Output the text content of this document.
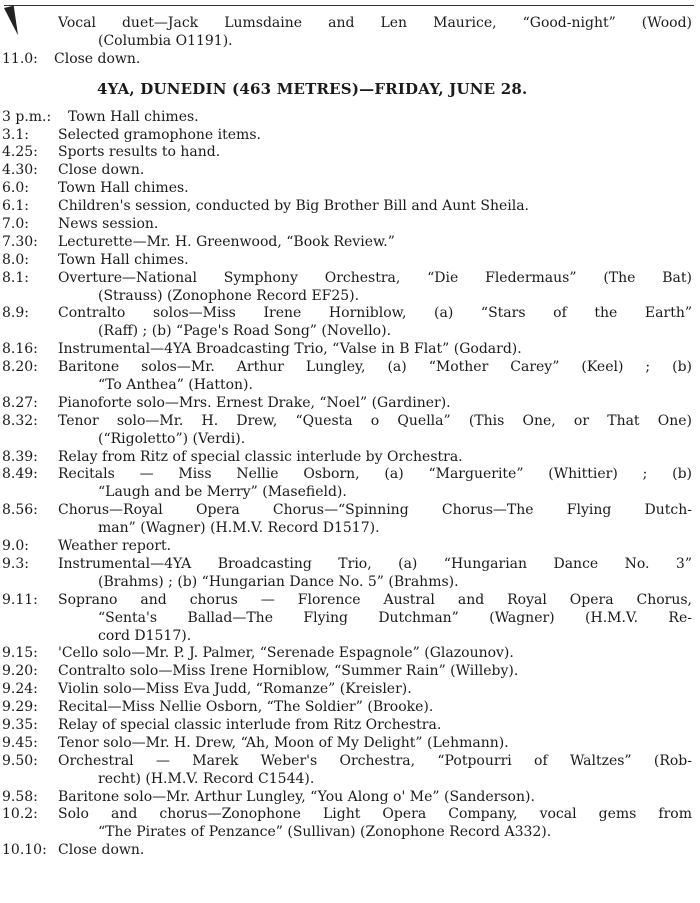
Vocal duet—Jack Lumsdaine and Len Maurice, “Good-night” (Wood)
(Columbia O1191).
11.0: Close down.
4YA, DUNEDIN (463 METRES)—FRIDAY, JUNE 28.
3 p.m.: Town Hall chimes.
3.1:	Selected gramophone items.
4.25:	Sports results to hand.
4.30:	Close down.
6.0:	Town Hall chimes.
6.1:	Children's session, conducted by Big Brother Bill and Aunt Sheila.
7.0:	News session.
7.30:	Lecturette—Mr. H. Greenwood, “Book Review.”
8.0:	Town Hall chimes.
8.1:	Overture—National Symphony Orchestra, “Die Fledermaus” (The Bat)
(Strauss) (Zonophone Record EF25).
8.9:	Contralto solos—Miss Irene Horniblow, (a) “Stars of the Earth”
(Raff) ; (b) “Page's Road Song” (Novello).
8.16:	Instrumental—4YA Broadcasting Trio, “Valse in B Flat” (Godard).
8.20:	Baritone solos—Mr. Arthur Lungley, (a) “Mother Carey” (Keel) ; (b)
“To Anthea” (Hatton).
8.27:	Pianoforte solo—Mrs. Ernest Drake, “Noel” (Gardiner).
8.32:	Tenor solo—Mr. H. Drew, “Questa o Quella” (This One, or That One)
(“Rigoletto”) (Verdi).
8.39:	Relay from Ritz of special classic interlude by Orchestra.
8.49:	Recitals — Miss Nellie Osborn, (a) “Marguerite” (Whittier) ; (b)
“Laugh and be Merry” (Masefield).
8.56:	Chorus—Royal Opera Chorus—“Spinning Chorus—The Flying Dutch-
man” (Wagner) (H.M.V. Record D1517).
9.0:	Weather report.
9.3:	Instrumental—4YA Broadcasting Trio, (a) “Hungarian Dance No. 3”
(Brahms) ; (b) “Hungarian Dance No. 5” (Brahms).
9.11:	Soprano and chorus — Florence Austral and Royal Opera Chorus,
“Senta's Ballad—The Flying Dutchman” (Wagner) (H.M.V. Re-
cord D1517).
9.15:	'Cello solo—Mr. P. J. Palmer, “Serenade Espagnole” (Glazounov).
9.20:	Contralto solo—Miss Irene Horniblow, “Summer Rain” (Willeby).
9.24:	Violin solo—Miss Eva Judd, “Romanze” (Kreisler).
9.29:	Recital—Miss Nellie Osborn, “The Soldier” (Brooke).
9.35:	Relay of special classic interlude from Ritz Orchestra.
9.45:	Tenor solo—Mr. H. Drew, “Ah, Moon of My Delight” (Lehmann).
9.50:	Orchestral — Marek Weber's Orchestra, “Potpourri of Waltzes” (Rob-
recht) (H.M.V. Record C1544).
9.58:	Baritone solo—Mr. Arthur Lungley, “You Along o' Me” (Sanderson).
10.2:	Solo and chorus—Zonophone Light Opera Company, vocal gems from
“The Pirates of Penzance” (Sullivan) (Zonophone Record A332).
10.10: Close down.
